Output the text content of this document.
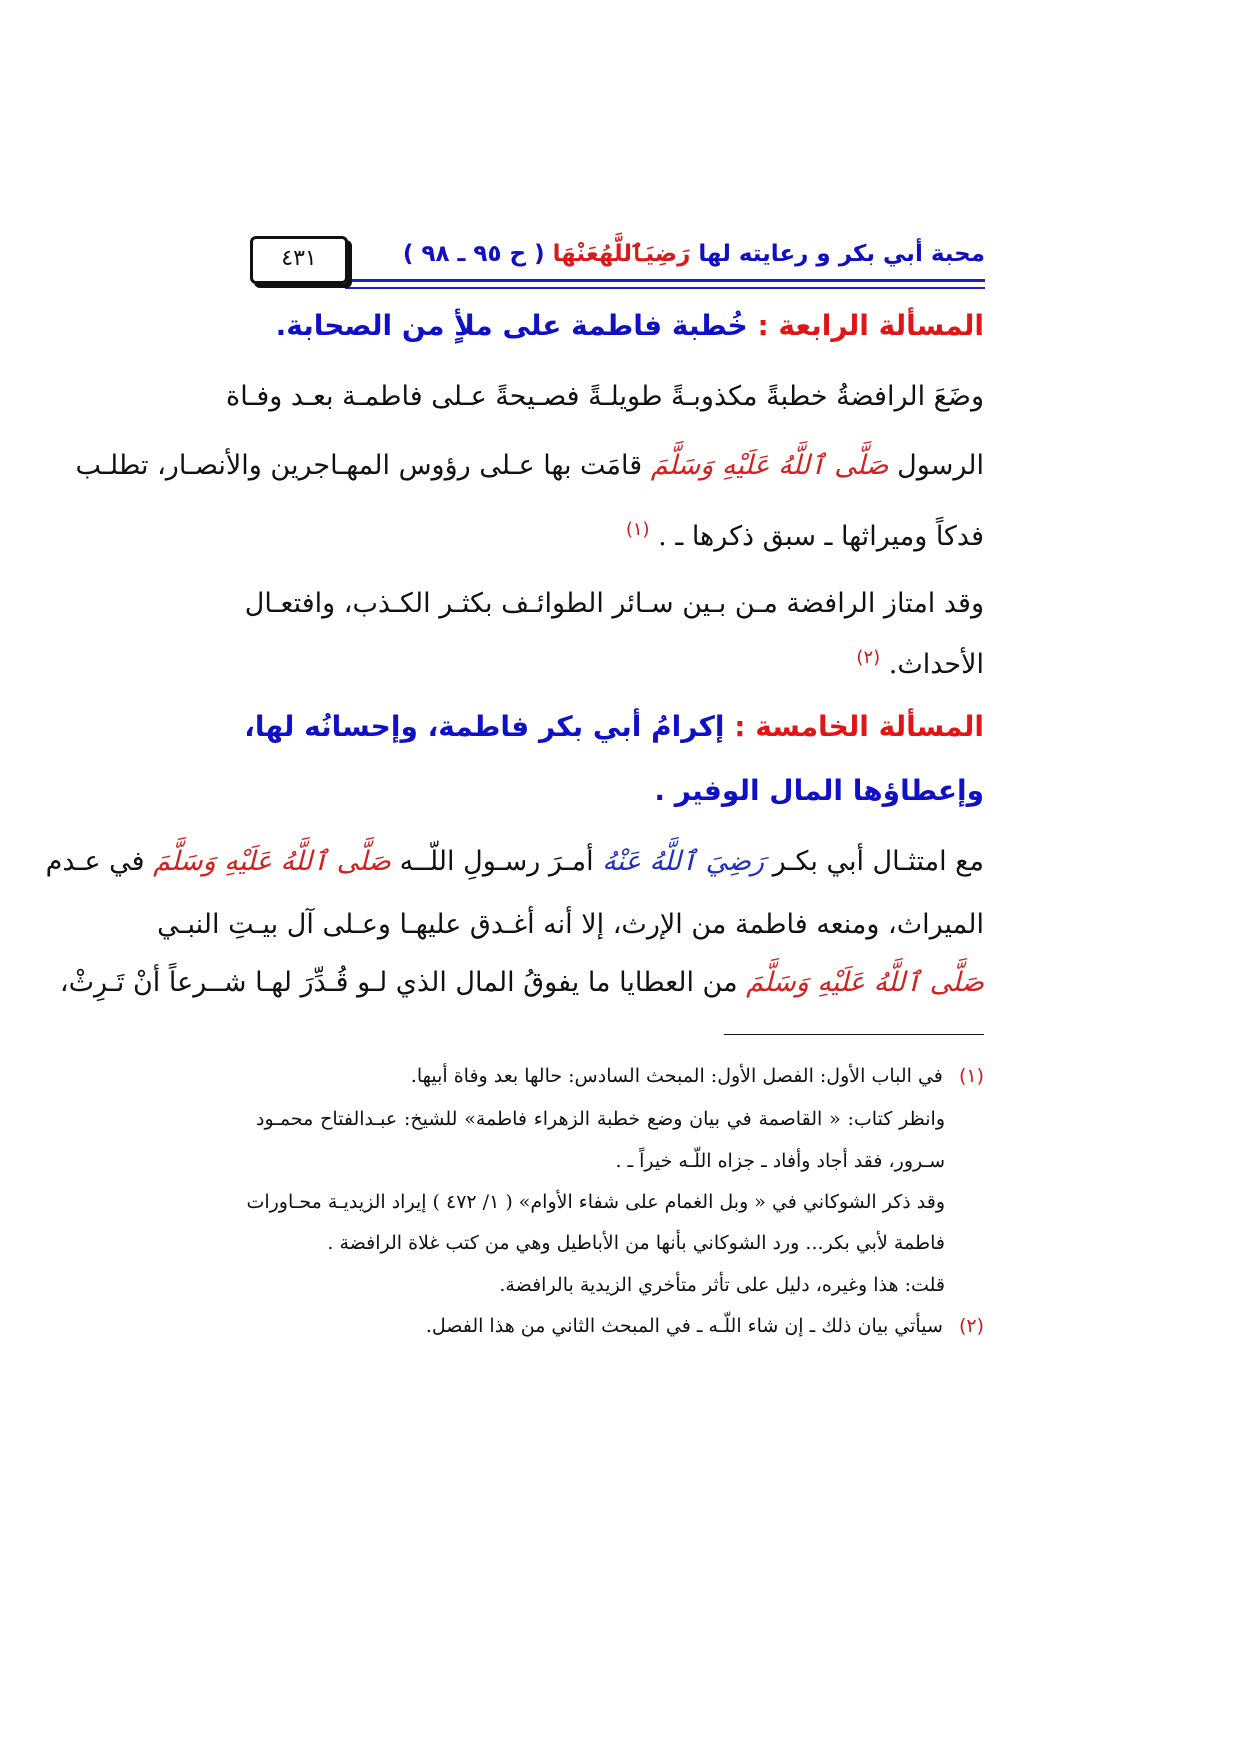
محبة أبي بكر و رعايته لها رَضِيَٱللَّهُعَنْهَا ( ح ٩٥ ـ ٩٨ )
٤٣١
المسألة الرابعة : خُطبة فاطمة على ملأٍ من الصحابة.
وضَعَ الرافضةُ خطبةً مكذوبـةً طويلـةً فصـيحةً عـلى فاطمـة بعـد وفـاة
الرسول صَلَّى ٱللَّهُ عَلَيْهِ وَسَلَّمَ قامَت بها عـلى رؤوس المهـاجرين والأنصـار، تطلـب
فدكاً وميراثها ـ سبق ذكرها ـ . $^{(١)}$
وقد امتاز الرافضة مـن بـين سـائر الطوائـف بكثـر الكـذب، وافتعـال
الأحداث. $^{(٢)}$
المسألة الخامسة : إكرامُ أبي بكر فاطمة، وإحسانُه لها،
وإعطاؤها المال الوفير .
مع امتثـال أبي بكـر رَضِيَ ٱللَّهُ عَنْهُ أمـرَ رسـولِ اللّــه صَلَّى ٱللَّهُ عَلَيْهِ وَسَلَّمَ في عـدم
الميراث، ومنعه فاطمة من الإرث، إلا أنه أغـدق عليهـا وعـلى آل بيـتِ النبـي
صَلَّى ٱللَّهُ عَلَيْهِ وَسَلَّمَ من العطايا ما يفوقُ المال الذي لـو قُـدِّرَ لهـا شــرعاً أنْ تَـرِثْ،
(١) في الباب الأول: الفصل الأول: المبحث السادس: حالها بعد وفاة أبيها.
وانظر كتاب: « القاصمة في بيان وضع خطبة الزهراء فاطمة» للشيخ: عبـدالفتاح محمـود
سـرور، فقد أجاد وأفاد ـ جزاه اللّـه خيراً ـ .
وقد ذكر الشوكاني في « وبل الغمام على شفاء الأوام» ( ١/ ٤٧٢ ) إيراد الزيديـة محـاورات
فاطمة لأبي بكر... ورد الشوكاني بأنها من الأباطيل وهي من كتب غلاة الرافضة .
قلت: هذا وغيره، دليل على تأثر متأخري الزيدية بالرافضة.
(٢) سيأتي بيان ذلك ـ إن شاء اللّـه ـ في المبحث الثاني من هذا الفصل.
